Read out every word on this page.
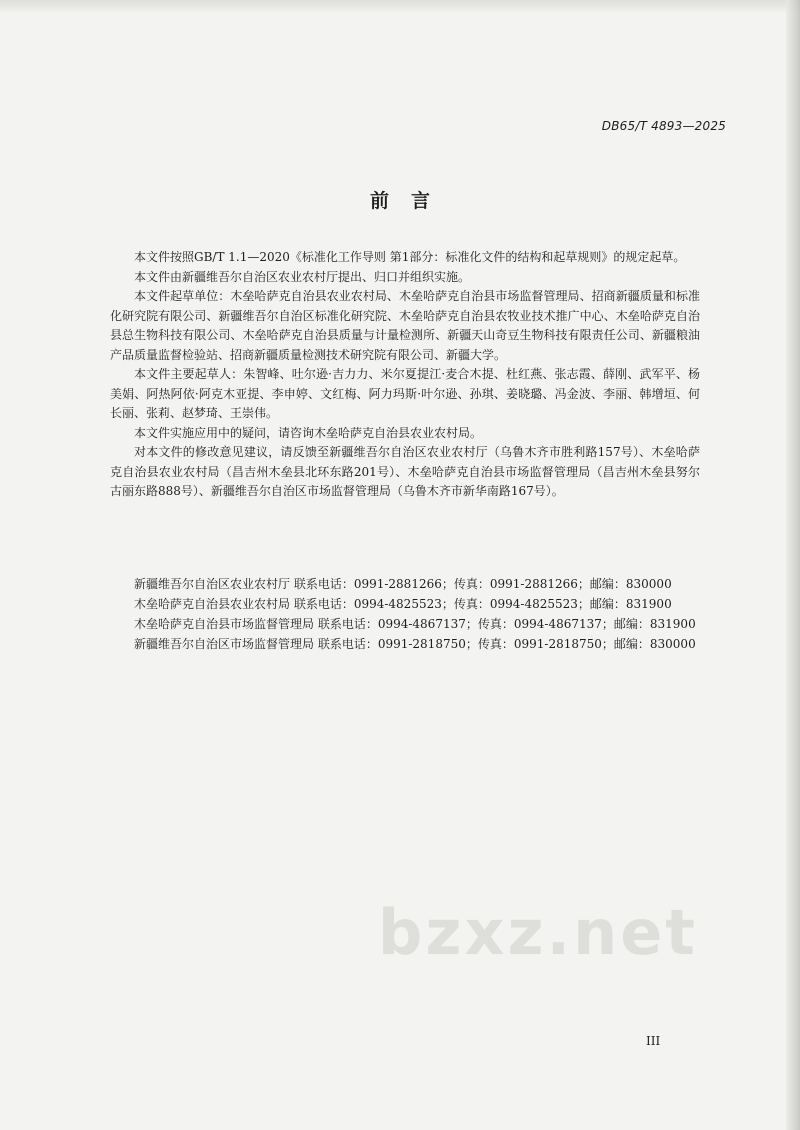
DB65/T 4893—2025
前言

本文件按照GB/T 1.1—2020《标准化工作导则 第1部分：标准化文件的结构和起草规则》的规定起草。

本文件由新疆维吾尔自治区农业农村厅提出、归口并组织实施。

本文件起草单位：木垒哈萨克自治县农业农村局、木垒哈萨克自治县市场监督管理局、招商新疆质量和标准化研究院有限公司、新疆维吾尔自治区标准化研究院、木垒哈萨克自治县农牧业技术推广中心、木垒哈萨克自治县总生物科技有限公司、木垒哈萨克自治县质量与计量检测所、新疆天山奇豆生物科技有限责任公司、新疆粮油产品质量监督检验站、招商新疆质量检测技术研究院有限公司、新疆大学。

本文件主要起草人：朱智峰、吐尔逊·吉力力、米尔夏提江·麦合木提、杜红燕、张志霞、薛刚、武军平、杨美娟、阿热阿依·阿克木亚提、李申婷、文红梅、阿力玛斯·叶尔逊、孙琪、姜晓璐、冯金波、李丽、韩增垣、何长丽、张莉、赵梦琦、王崇伟。

本文件实施应用中的疑问，请咨询木垒哈萨克自治县农业农村局。

对本文件的修改意见建议，请反馈至新疆维吾尔自治区农业农村厅（乌鲁木齐市胜利路157号）、木垒哈萨克自治县农业农村局（昌吉州木垒县北环东路201号）、木垒哈萨克自治县市场监督管理局（昌吉州木垒县努尔古丽东路888号）、新疆维吾尔自治区市场监督管理局（乌鲁木齐市新华南路167号）。

新疆维吾尔自治区农业农村厅 联系电话：0991-2881266；传真：0991-2881266；邮编：830000

木垒哈萨克自治县农业农村局 联系电话：0994-4825523；传真：0994-4825523；邮编：831900

木垒哈萨克自治县市场监督管理局 联系电话：0994-4867137；传真：0994-4867137；邮编：831900

新疆维吾尔自治区市场监督管理局 联系电话：0991-2818750；传真：0991-2818750；邮编：830000

bzxz.net
III
